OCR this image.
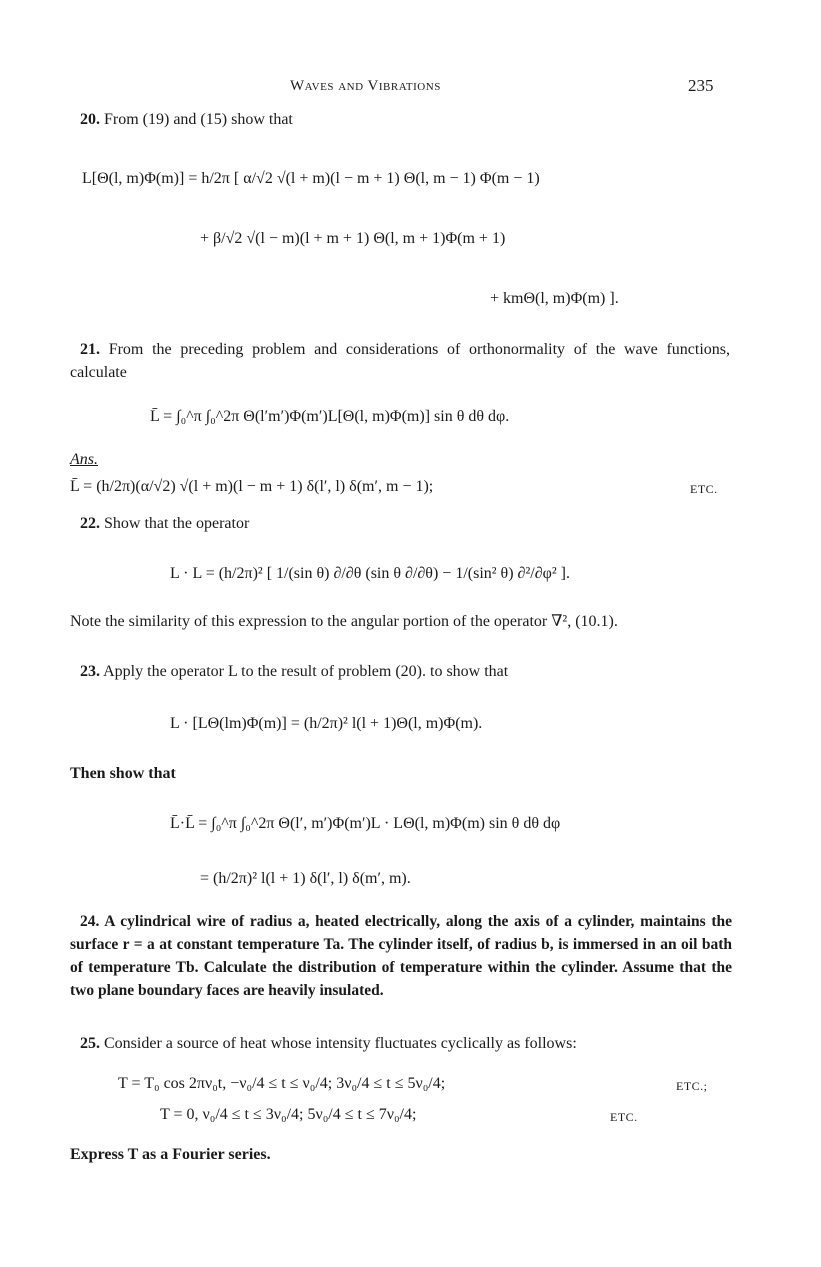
Waves and Vibrations	235
20. From (19) and (15) show that
L[Θ(l, m)Φ(m)] = h/2π [ α/√2 √(l + m)(l − m + 1) Θ(l, m − 1) Φ(m − 1)
+ β/√2 √(l − m)(l + m + 1) Θ(l, m + 1)Φ(m + 1)
+ kmΘ(l, m)Φ(m) ].
21. From the preceding problem and considerations of orthonormality of the wave functions, calculate
L̄ = ∫₀^π ∫₀^2π Θ(l′m′)Φ(m′)L[Θ(l, m)Φ(m)] sin θ dθ dφ.
Ans.
L̄ = (h/2π)(α/√2) √(l + m)(l − m + 1) δ(l′, l) δ(m′, m − 1);	ETC.
22. Show that the operator
L · L = (h/2π)² [ 1/(sin θ) ∂/∂θ (sin θ ∂/∂θ) − 1/(sin² θ) ∂²/∂φ² ].
Note the similarity of this expression to the angular portion of the operator ∇², (10.1).
23. Apply the operator L to the result of problem (20). to show that
L · [LΘ(lm)Φ(m)] = (h/2π)² l(l + 1)Θ(l, m)Φ(m).
Then show that
L̄·L̄ = ∫₀^π ∫₀^2π Θ(l′, m′)Φ(m′)L · LΘ(l, m)Φ(m) sin θ dθ dφ
= (h/2π)² l(l + 1) δ(l′, l) δ(m′, m).
24. A cylindrical wire of radius a, heated electrically, along the axis of a cylinder, maintains the surface r = a at constant temperature Ta. The cylinder itself, of radius b, is immersed in an oil bath of temperature Tb. Calculate the distribution of temperature within the cylinder. Assume that the two plane boundary faces are heavily insulated.
25. Consider a source of heat whose intensity fluctuates cyclically as follows:
T = T₀ cos 2πν₀t, −ν₀/4 ≤ t ≤ ν₀/4; 3ν₀/4 ≤ t ≤ 5ν₀/4;	ETC.;
T = 0, ν₀/4 ≤ t ≤ 3ν₀/4; 5ν₀/4 ≤ t ≤ 7ν₀/4;	ETC.
Express T as a Fourier series.
